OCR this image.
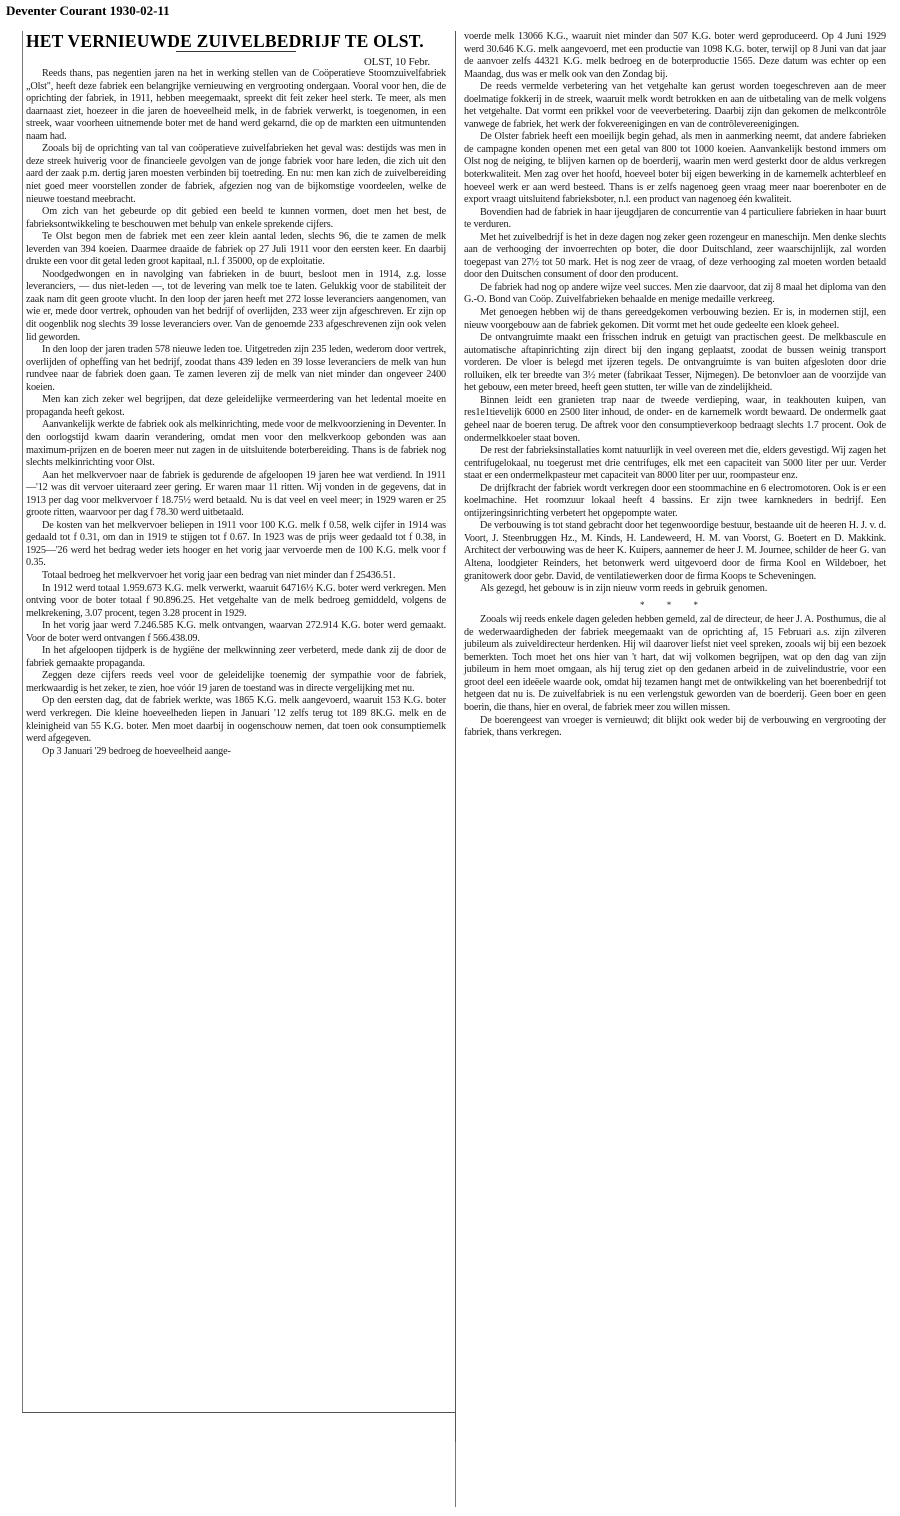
Deventer Courant 1930-02-11
HET VERNIEUWDE ZUIVELBEDRIJF TE OLST.
OLST, 10 Febr.

Reeds thans, pas negentien jaren na het in werking stellen van de Coöperatieve Stoomzuivelfabriek „Olst", heeft deze fabriek een belangrijke vernieuwing en vergrooting ondergaan. Vooral voor hen, die de oprichting der fabriek, in 1911, hebben meegemaakt, spreekt dit feit zeker heel sterk. Te meer, als men daarnaast ziet, hoezeer in die jaren de hoeveelheid melk, in de fabriek verwerkt, is toegenomen, in een streek, waar voorheen uitnemende boter met de hand werd gekarnd, die op de markten een uitmuntenden naam had.

Zooals bij de oprichting van tal van coöperatieve zuivelfabrieken het geval was: destijds was men in deze streek huiverig voor de financieele gevolgen van de jonge fabriek voor hare leden, die zich uit den aard der zaak p.m. dertig jaren moesten verbinden bij toetreding. En nu: men kan zich de zuivelbereiding niet goed meer voorstellen zonder de fabriek, afgezien nog van de bijkomstige voordeelen, welke de nieuwe toestand meebracht.

Om zich van het gebeurde op dit gebied een beeld te kunnen vormen, doet men het best, de fabrieksontwikkeling te beschouwen met behulp van enkele sprekende cijfers.

Te Olst begon men de fabriek met een zeer klein aantal leden, slechts 96, die te zamen de melk leverden van 394 koeien. Daarmee draaide de fabriek op 27 Juli 1911 voor den eersten keer. En daarbij drukte een voor dit getal leden groot kapitaal, n.l. f 35000, op de exploitatie.

Noodgedwongen en in navolging van fabrieken in de buurt, besloot men in 1914, z.g. losse leveranciers, — dus niet-leden —, tot de levering van melk toe te laten. Gelukkig voor de stabiliteit der zaak nam dit geen groote vlucht. In den loop der jaren heeft met 272 losse leveranciers aangenomen, van wie er, mede door vertrek, ophouden van het bedrijf of overlijden, 233 weer zijn afgeschreven. Er zijn op dit oogenblik nog slechts 39 losse leveranciers over. Van de genoemde 233 afgeschrevenen zijn ook velen lid geworden.

In den loop der jaren traden 578 nieuwe leden toe. Uitgetreden zijn 235 leden, wederom door vertrek, overlijden of opheffing van het bedrijf, zoodat thans 439 leden en 39 losse leveranciers de melk van hun rundvee naar de fabriek doen gaan. Te zamen leveren zij de melk van niet minder dan ongeveer 2400 koeien.

Men kan zich zeker wel begrijpen, dat deze geleidelijke vermeerdering van het ledental moeite en propaganda heeft gekost.

Aanvankelijk werkte de fabriek ook als melkinrichting, mede voor de melkvoorziening in Deventer. In den oorlogstijd kwam daarin verandering, omdat men voor den melkverkoop gebonden was aan maximum-prijzen en de boeren meer nut zagen in de uitsluitende boterbereiding. Thans is de fabriek nog slechts melkinrichting voor Olst.

Aan het melkvervoer naar de fabriek is gedurende de afgeloopen 19 jaren hee wat verdiend. In 1911—'12 was dit vervoer uiteraard zeer gering. Er waren maar 11 ritten. Wij vonden in de gegevens, dat in 1913 per dag voor melkvervoer f 18.75½ werd betaald. Nu is dat veel en veel meer; in 1929 waren er 25 groote ritten, waarvoor per dag f 78.30 werd uitbetaald.

De kosten van het melkvervoer beliepen in 1911 voor 100 K.G. melk f 0.58, welk cijfer in 1914 was gedaald tot f 0.31, om dan in 1919 te stijgen tot f 0.67. In 1923 was de prijs weer gedaald tot f 0.38, in 1925—'26 werd het bedrag weder iets hooger en het vorig jaar vervoerde men de 100 K.G. melk voor f 0.35.

Totaal bedroeg het melkvervoer het vorig jaar een bedrag van niet minder dan f 25436.51.

In 1912 werd totaal 1.959.673 K.G. melk verwerkt, waaruit 64716½ K.G. boter werd verkregen. Men ontving voor de boter totaal f 90.896.25. Het vetgehalte van de melk bedroeg gemiddeld, volgens de melkrekening, 3.07 procent, tegen 3.28 procent in 1929.

In het vorig jaar werd 7.246.585 K.G. melk ontvangen, waarvan 272.914 K.G. boter werd gemaakt. Voor de boter werd ontvangen f 566.438.09.

In het afgeloopen tijdperk is de hygiëne der melkwinning zeer verbeterd, mede dank zij de door de fabriek gemaakte propaganda.

Zeggen deze cijfers reeds veel voor de geleidelijke toenemig der sympathie voor de fabriek, merkwaardig is het zeker, te zien, hoe vóór 19 jaren de toestand was in directe vergelijking met nu.

Op den eersten dag, dat de fabriek werkte, was 1865 K.G. melk aangevoerd, waaruit 153 K.G. boter werd verkregen. Die kleine hoeveelheden liepen in Januari '12 zelfs terug tot 189 8K.G. melk en de kleinigheid van 55 K.G. boter. Men moet daarbij in oogenschouw nemen, dat toen ook consumptiemelk werd afgegeven.

Op 3 Januari '29 bedroeg de hoeveelheid aange-

voerde melk 13066 K.G., waaruit niet minder dan 507 K.G. boter werd geproduceerd. Op 4 Juni 1929 werd 30.646 K.G. melk aangevoerd, met een productie van 1098 K.G. boter, terwijl op 8 Juni van dat jaar de aanvoer zelfs 44321 K.G. melk bedroeg en de boterproductie 1565. Deze datum was echter op een Maandag, dus was er melk ook van den Zondag bij.

De reeds vermelde verbetering van het vetgehalte kan gerust worden toegeschreven aan de meer doelmatige fokkerij in de streek, waaruit melk wordt betrokken en aan de uitbetaling van de melk volgens het vetgehalte. Dat vormt een prikkel voor de veeverbetering. Daarbij zijn dan gekomen de melkcontrôle vanwege de fabriek, het werk der fokvereenigingen en van de contrôlevereenigingen.

De Olster fabriek heeft een moeilijk begin gehad, als men in aanmerking neemt, dat andere fabrieken de campagne konden openen met een getal van 800 tot 1000 koeien. Aanvankelijk bestond immers om Olst nog de neiging, te blijven karnen op de boerderij, waarin men werd gesterkt door de aldus verkregen boterkwaliteit. Men zag over het hoofd, hoeveel boter bij eigen bewerking in de karnemelk achterbleef en hoeveel werk er aan werd besteed. Thans is er zelfs nagenoeg geen vraag meer naar boerenboter en de export vraagt uitsluitend fabrieksboter, n.l. een product van nagenoeg één kwaliteit.

Bovendien had de fabriek in haar ijeugdjaren de concurrentie van 4 particuliere fabrieken in haar buurt te verduren.

Met het zuivelbedrijf is het in deze dagen nog zeker geen rozengeur en maneschijn. Men denke slechts aan de verhooging der invoerrechten op boter, die door Duitschland, zeer waarschijnlijk, zal worden toegepast van 27½ tot 50 mark. Het is nog zeer de vraag, of deze verhooging zal moeten worden betaald door den Duitschen consument of door den producent.

De fabriek had nog op andere wijze veel succes. Men zie daarvoor, dat zij 8 maal het diploma van den G.-O. Bond van Coöp. Zuivelfabrieken behaalde en menige medaille verkreeg.

Met genoegen hebben wij de thans gereedgekomen verbouwing bezien. Er is, in modernen stijl, een nieuw voorgebouw aan de fabriek gekomen. Dit vormt met het oude gedeelte een kloek geheel.

De ontvangruimte maakt een frisschen indruk en getuigt van practischen geest. De melkbascule en automatische aftapinrichting zijn direct bij den ingang geplaatst, zoodat de bussen weinig transport vorderen. De vloer is belegd met ijzeren tegels. De ontvangruimte is van buiten afgesloten door drie rolluiken, elk ter breedte van 3½ meter (fabrikaat Tesser, Nijmegen). De betonvloer aan de voorzijde van het gebouw, een meter breed, heeft geen stutten, ter wille van de zindelijkheid.

Binnen leidt een granieten trap naar de tweede verdieping, waar, in teakhouten kuipen, van res1e1tievelijk 6000 en 2500 liter inhoud, de onder- en de karnemelk wordt bewaard. De ondermelk gaat geheel naar de boeren terug. De aftrek voor den consumptieverkoop bedraagt slechts 1.7 procent. Ook de ondermelkkoeler staat boven.

De rest der fabrieksinstallaties komt natuurlijk in veel overeen met die, elders gevestigd. Wij zagen het centrifugelokaal, nu toegerust met drie centrifuges, elk met een capaciteit van 5000 liter per uur. Verder staat er een ondermelkpasteur met capaciteit van 8000 liter per uur, roompasteur enz.

De drijfkracht der fabriek wordt verkregen door een stoommachine en 6 electromotoren. Ook is er een koelmachine. Het roomzuur lokaal heeft 4 bassins. Er zijn twee karnkneders in bedrijf. Een ontijzeringsinrichting verbetert het opgepompte water.

De verbouwing is tot stand gebracht door het tegenwoordige bestuur, bestaande uit de heeren H. J. v. d. Voort, J. Steenbruggen Hz., M. Kinds, H. Landeweerd, H. M. van Voorst, G. Boetert en D. Makkink. Architect der verbouwing was de heer K. Kuipers, aannemer de heer J. M. Journee, schilder de heer G. van Altena, loodgieter Reinders, het betonwerk werd uitgevoerd door de firma Kool en Wildeboer, het granitowerk door gebr. David, de ventilatiewerken door de firma Koops te Scheveningen.

Als gezegd, het gebouw is in zijn nieuw vorm reeds in gebruik genomen.

* * *

Zooals wij reeds enkele dagen geleden hebben gemeld, zal de directeur, de heer J. A. Posthumus, die al de wederwaardigheden der fabriek meegemaakt van de oprichting af, 15 Februari a.s. zijn zilveren jubileum als zuiveldirecteur herdenken. Hij wil daarover liefst niet veel spreken, zooals wij bij een bezoek bemerkten. Toch moet het ons hier van 't hart, dat wij volkomen begrijpen, wat op den dag van zijn jubileum in hem moet omgaan, als hij terug ziet op den gedanen arbeid in de zuivelindustrie, voor een groot deel een ideëele waarde ook, omdat hij tezamen hangt met de ontwikkeling van het boerenbedrijf tot hetgeen dat nu is. De zuivelfabriek is nu een verlengstuk geworden van de boerderij. Geen boer en geen boerin, die thans, hier en overal, de fabriek meer zou willen missen.

De boerengeest van vroeger is vernieuwd; dit blijkt ook weder bij de verbouwing en vergrooting der fabriek, thans verkregen.
